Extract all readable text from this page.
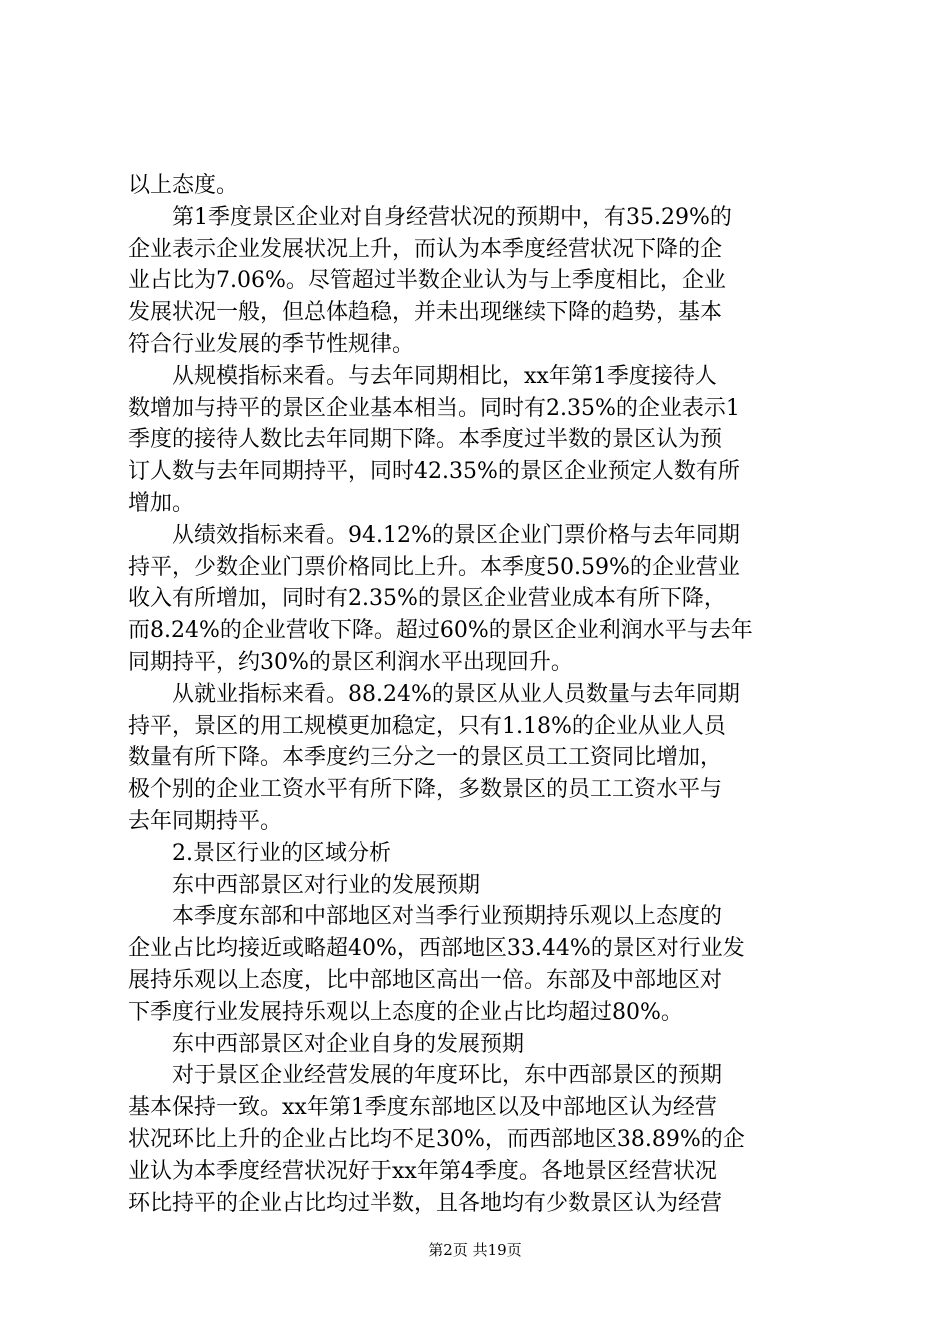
以上态度。
　　第1季度景区企业对自身经营状况的预期中，有35.29%的
企业表示企业发展状况上升，而认为本季度经营状况下降的企
业占比为7.06%。尽管超过半数企业认为与上季度相比，企业
发展状况一般，但总体趋稳，并未出现继续下降的趋势，基本
符合行业发展的季节性规律。
　　从规模指标来看。与去年同期相比，xx年第1季度接待人
数增加与持平的景区企业基本相当。同时有2.35%的企业表示1
季度的接待人数比去年同期下降。本季度过半数的景区认为预
订人数与去年同期持平，同时42.35%的景区企业预定人数有所
增加。
　　从绩效指标来看。94.12%的景区企业门票价格与去年同期
持平，少数企业门票价格同比上升。本季度50.59%的企业营业
收入有所增加，同时有2.35%的景区企业营业成本有所下降，
而8.24%的企业营收下降。超过60%的景区企业利润水平与去年
同期持平，约30%的景区利润水平出现回升。
　　从就业指标来看。88.24%的景区从业人员数量与去年同期
持平，景区的用工规模更加稳定，只有1.18%的企业从业人员
数量有所下降。本季度约三分之一的景区员工工资同比增加，
极个别的企业工资水平有所下降，多数景区的员工工资水平与
去年同期持平。
　　2.景区行业的区域分析
　　东中西部景区对行业的发展预期
　　本季度东部和中部地区对当季行业预期持乐观以上态度的
企业占比均接近或略超40%，西部地区33.44%的景区对行业发
展持乐观以上态度，比中部地区高出一倍。东部及中部地区对
下季度行业发展持乐观以上态度的企业占比均超过80%。
　　东中西部景区对企业自身的发展预期
　　对于景区企业经营发展的年度环比，东中西部景区的预期
基本保持一致。xx年第1季度东部地区以及中部地区认为经营
状况环比上升的企业占比均不足30%，而西部地区38.89%的企
业认为本季度经营状况好于xx年第4季度。各地景区经营状况
环比持平的企业占比均过半数，且各地均有少数景区认为经营
第2页 共19页
